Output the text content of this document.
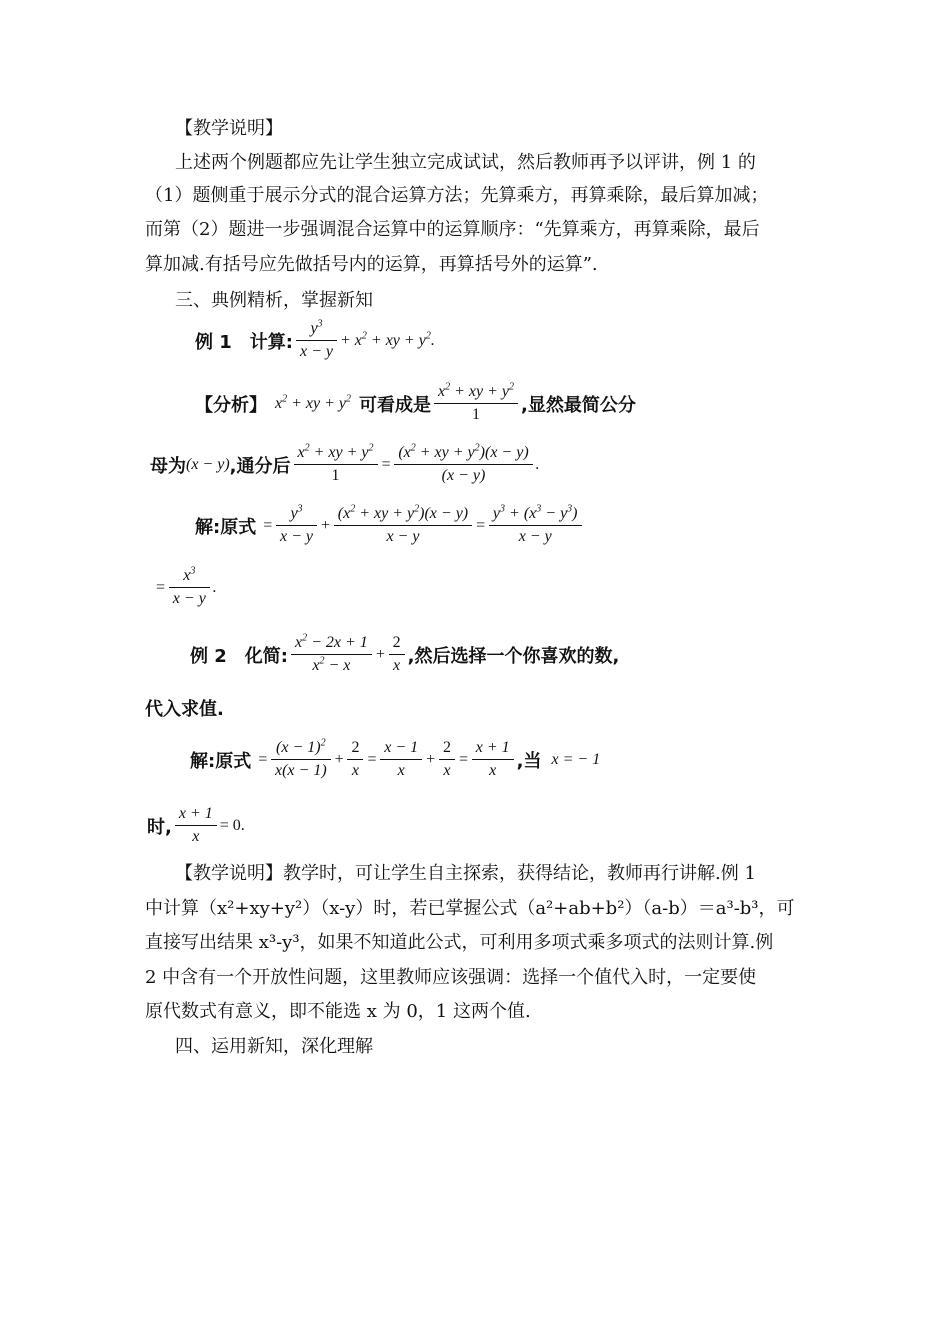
【教学说明】
上述两个例题都应先让学生独立完成试试，然后教师再予以评讲，例 1 的
（1）题侧重于展示分式的混合运算方法；先算乘方，再算乘除，最后算加减；
而第（2）题进一步强调混合运算中的运算顺序：“先算乘方，再算乘除，最后
算加减.有括号应先做括号内的运算，再算括号外的运算”.
三、典例精析，掌握新知
例 1　计算: $\frac{y^3}{x - y} + x^2$ + xy + $y^2$.
【分析】 $x^2$ + xy + $y^2$ 可看成是 $\frac{x^2 + xy + y^2}{1}$ ,显然最简公分
母为 (x − y) ,通分后 $\frac{x^2 + xy + y^2}{1} = \frac{(x^2 + xy + y^2)(x - y)}{(x - y)}$ .
解:原式 = $\frac{y^3}{x - y} + \frac{(x^2 + xy + y^2)(x - y)}{x - y} = \frac{y^3 + (x^3 - y^3)}{x - y}$
= $\frac{x^3}{x - y}$ .
例 2　化简: $\frac{x^2 - 2x + 1}{x^2 - x} + \frac{2}{x}$ ,然后选择一个你喜欢的数,
代入求值.
解:原式 = $\frac{(x - 1)^2}{x(x - 1)} + \frac{2}{x} = \frac{x - 1}{x} + \frac{2}{x} = \frac{x + 1}{x}$ ,当 x = − 1
时, $\frac{x + 1}{x} = 0$.
【教学说明】教学时，可让学生自主探索，获得结论，教师再行讲解.例 1
中计算（x²+xy+y²）（x-y）时，若已掌握公式（a²+ab+b²）（a-b）＝a³-b³，可
直接写出结果 x³-y³，如果不知道此公式，可利用多项式乘多项式的法则计算.例
2 中含有一个开放性问题，这里教师应该强调：选择一个值代入时，一定要使
原代数式有意义，即不能选 x 为 0，1 这两个值.
四、运用新知，深化理解
